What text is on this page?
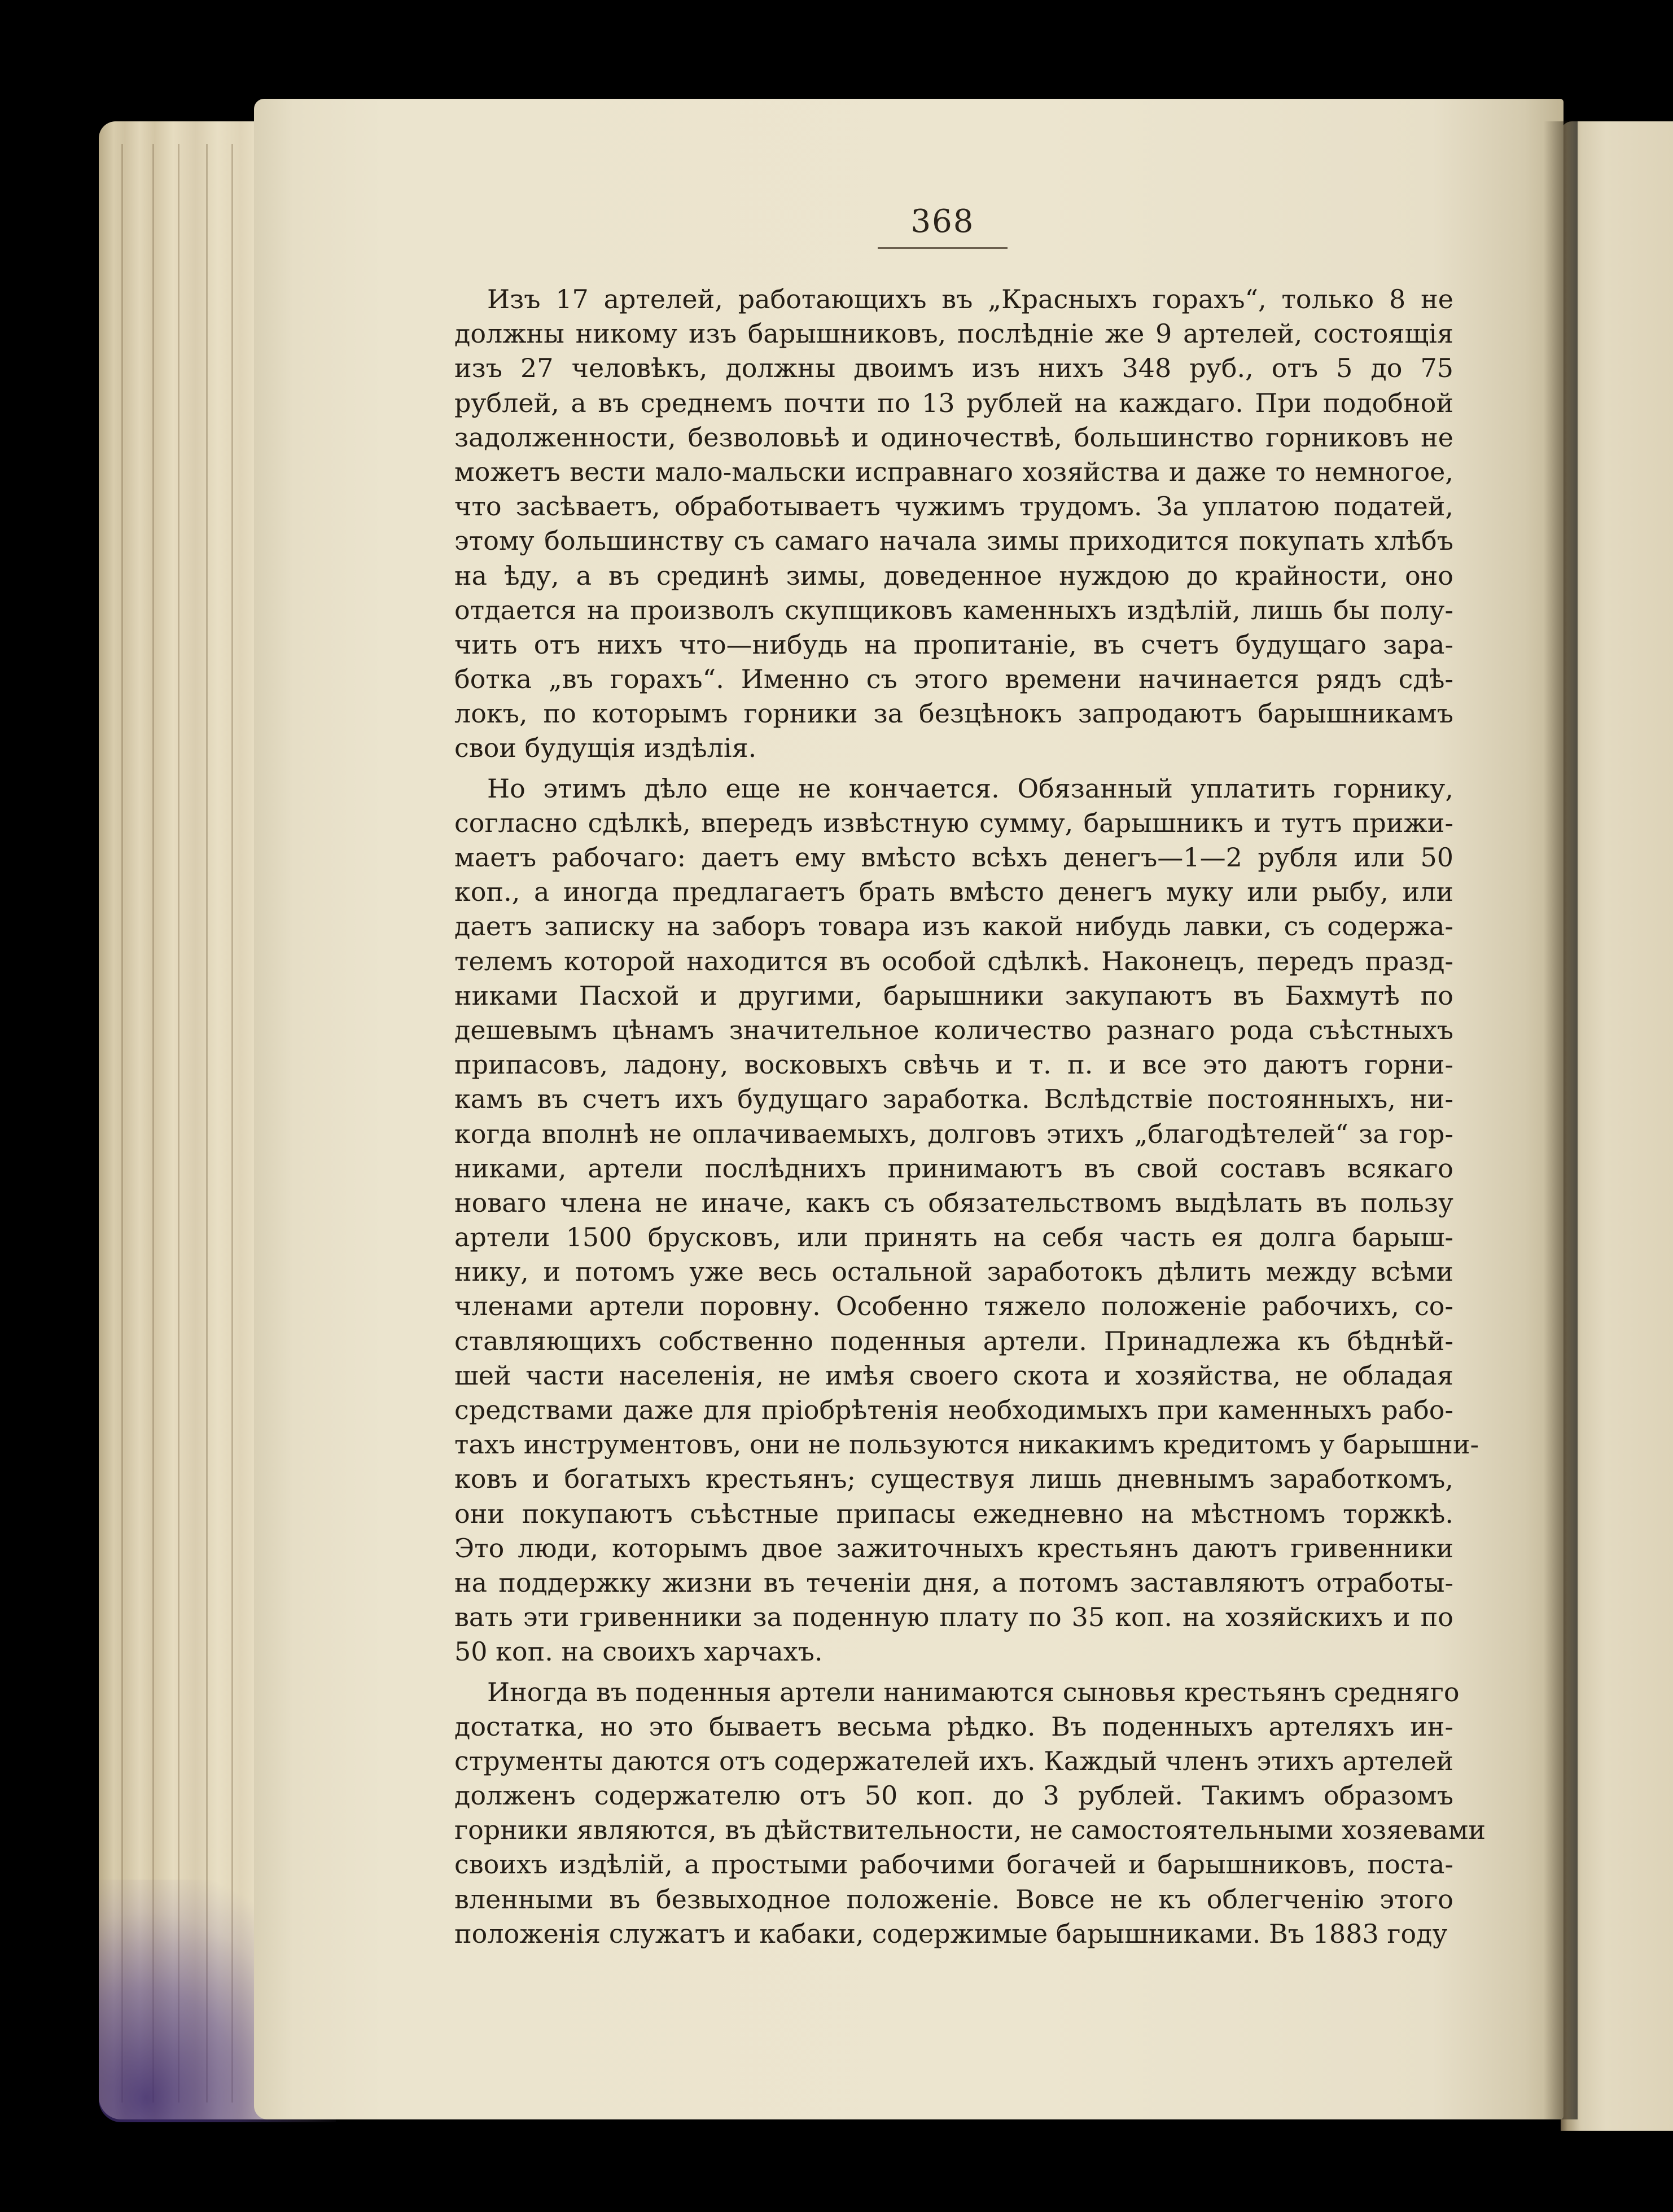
368
Изъ 17 артелей, работающихъ въ „Красныхъ горахъ“, только 8 не
должны никому изъ барышниковъ, послѣдніе же 9 артелей, состоящія
изъ 27 человѣкъ, должны двоимъ изъ нихъ 348 руб., отъ 5 до 75
рублей, а въ среднемъ почти по 13 рублей на каждаго. При подобной
задолженности, безволовьѣ и одиночествѣ, большинство горниковъ не
можетъ вести мало-мальски исправнаго хозяйства и даже то немногое,
что засѣваетъ, обработываетъ чужимъ трудомъ. За уплатою податей,
этому большинству съ самаго начала зимы приходится покупать хлѣбъ
на ѣду, а въ срединѣ зимы, доведенное нуждою до крайности, оно
отдается на произволъ скупщиковъ каменныхъ издѣлій, лишь бы полу-
чить отъ нихъ что—нибудь на пропитаніе, въ счетъ будущаго зара-
ботка „въ горахъ“. Именно съ этого времени начинается рядъ сдѣ-
локъ, по которымъ горники за безцѣнокъ запродаютъ барышникамъ
свои будущія издѣлія.
Но этимъ дѣло еще не кончается. Обязанный уплатить горнику,
согласно сдѣлкѣ, впередъ извѣстную сумму, барышникъ и тутъ прижи-
маетъ рабочаго: даетъ ему вмѣсто всѣхъ денегъ—1—2 рубля или 50
коп., а иногда предлагаетъ брать вмѣсто денегъ муку или рыбу, или
даетъ записку на заборъ товара изъ какой нибудь лавки, съ содержа-
телемъ которой находится въ особой сдѣлкѣ. Наконецъ, передъ празд-
никами Пасхой и другими, барышники закупаютъ въ Бахмутѣ по
дешевымъ цѣнамъ значительное количество разнаго рода съѣстныхъ
припасовъ, ладону, восковыхъ свѣчь и т. п. и все это даютъ горни-
камъ въ счетъ ихъ будущаго заработка. Вслѣдствіе постоянныхъ, ни-
когда вполнѣ не оплачиваемыхъ, долговъ этихъ „благодѣтелей“ за гор-
никами, артели послѣднихъ принимаютъ въ свой составъ всякаго
новаго члена не иначе, какъ съ обязательствомъ выдѣлать въ пользу
артели 1500 брусковъ, или принять на себя часть ея долга барыш-
нику, и потомъ уже весь остальной заработокъ дѣлить между всѣми
членами артели поровну. Особенно тяжело положеніе рабочихъ, со-
ставляющихъ собственно поденныя артели. Принадлежа къ бѣднѣй-
шей части населенія, не имѣя своего скота и хозяйства, не обладая
средствами даже для пріобрѣтенія необходимыхъ при каменныхъ рабо-
тахъ инструментовъ, они не пользуются никакимъ кредитомъ у барышни-
ковъ и богатыхъ крестьянъ; существуя лишь дневнымъ заработкомъ,
они покупаютъ съѣстные припасы ежедневно на мѣстномъ торжкѣ.
Это люди, которымъ двое зажиточныхъ крестьянъ даютъ гривенники
на поддержку жизни въ теченіи дня, а потомъ заставляютъ отработы-
вать эти гривенники за поденную плату по 35 коп. на хозяйскихъ и по
50 коп. на своихъ харчахъ.
Иногда въ поденныя артели нанимаются сыновья крестьянъ средняго
достатка, но это бываетъ весьма рѣдко. Въ поденныхъ артеляхъ ин-
струменты даются отъ содержателей ихъ. Каждый членъ этихъ артелей
долженъ содержателю отъ 50 коп. до 3 рублей. Такимъ образомъ
горники являются, въ дѣйствительности, не самостоятельными хозяевами
своихъ издѣлій, а простыми рабочими богачей и барышниковъ, поста-
вленными въ безвыходное положеніе. Вовсе не къ облегченію этого
положенія служатъ и кабаки, содержимые барышниками. Въ 1883 году
